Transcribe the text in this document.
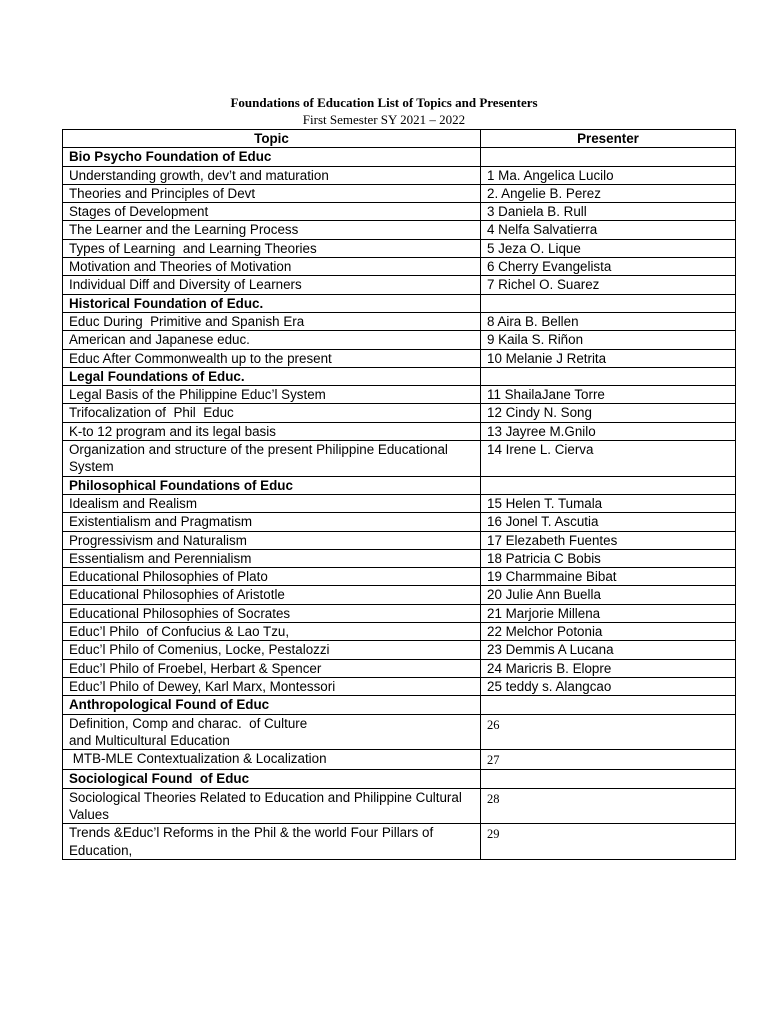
Foundations of Education List of Topics and Presenters
First Semester SY 2021 – 2022
Topic	Presenter
Bio Psycho Foundation of Educ	
Understanding growth, dev’t and maturation	1 Ma. Angelica Lucilo
Theories and Principles of Devt	2. Angelie B. Perez
Stages of Development	3 Daniela B. Rull
The Learner and the Learning Process	4 Nelfa Salvatierra
Types of Learning  and Learning Theories	5 Jeza O. Lique
Motivation and Theories of Motivation	6 Cherry Evangelista
Individual Diff and Diversity of Learners	7 Richel O. Suarez
Historical Foundation of Educ.	
Educ During  Primitive and Spanish Era	8 Aira B. Bellen
American and Japanese educ.	9 Kaila S. Riñon
Educ After Commonwealth up to the present	10 Melanie J Retrita
Legal Foundations of Educ.	
Legal Basis of the Philippine Educ’l System	11 ShailaJane Torre
Trifocalization of  Phil  Educ	12 Cindy N. Song
K-to 12 program and its legal basis	13 Jayree M.Gnilo
Organization and structure of the present Philippine Educational System	14 Irene L. Cierva
Philosophical Foundations of Educ	
Idealism and Realism	15 Helen T. Tumala
Existentialism and Pragmatism	16 Jonel T. Ascutia
Progressivism and Naturalism	17 Elezabeth Fuentes
Essentialism and Perennialism	18 Patricia C Bobis
Educational Philosophies of Plato	19 Charmmaine Bibat
Educational Philosophies of Aristotle	20 Julie Ann Buella
Educational Philosophies of Socrates	21 Marjorie Millena
Educ’l Philo  of Confucius & Lao Tzu,	22 Melchor Potonia
Educ’l Philo of Comenius, Locke, Pestalozzi	23 Demmis A Lucana
Educ’l Philo of Froebel, Herbart & Spencer	24 Maricris B. Elopre
Educ’l Philo of Dewey, Karl Marx, Montessori	25 teddy s. Alangcao
Anthropological Found of Educ	
Definition, Comp and charac.  of Culture
and Multicultural Education	26
MTB-MLE Contextualization & Localization	27
Sociological Found  of Educ	
Sociological Theories Related to Education and Philippine Cultural Values	28
Trends &Educ’l Reforms in the Phil & the world Four Pillars of Education,	29
